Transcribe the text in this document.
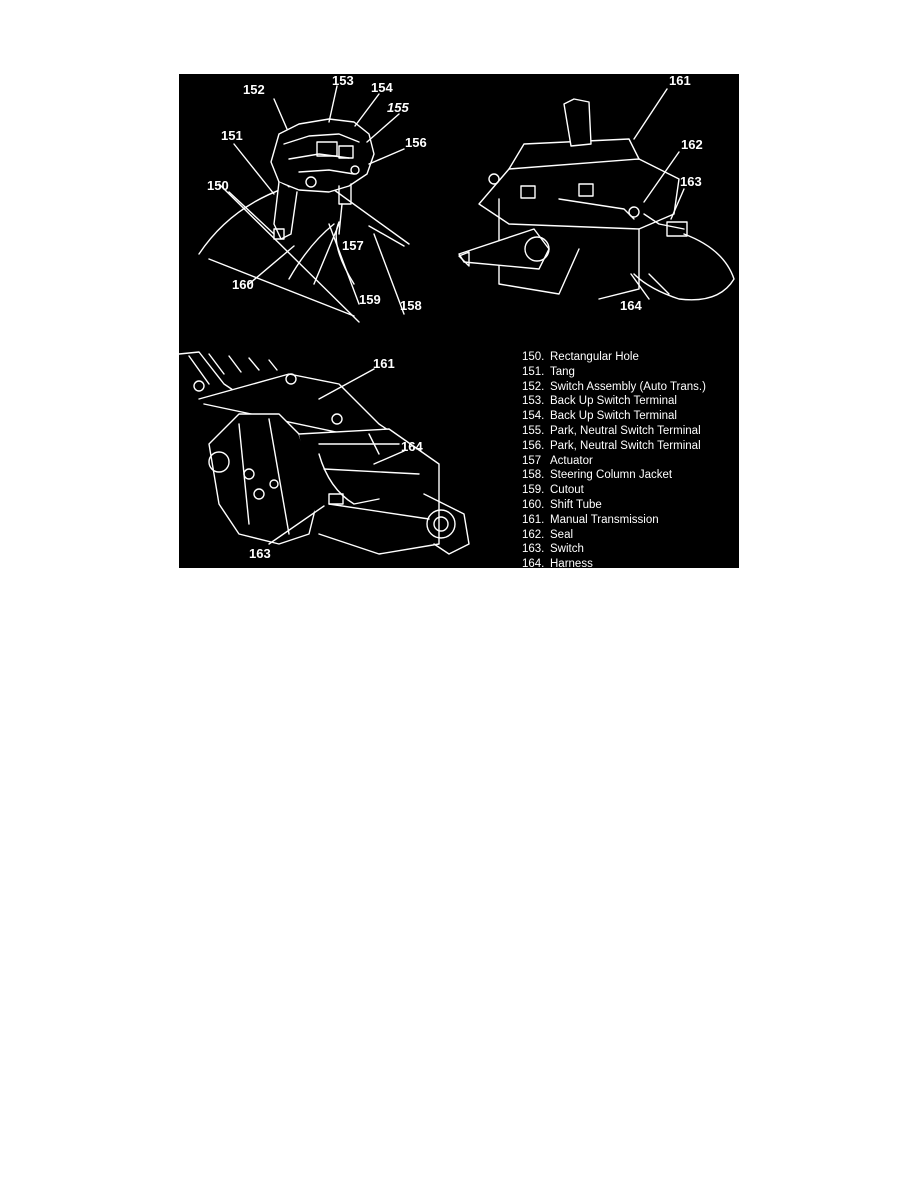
152
153 154
155
156
151
150
157
160
159 158
161
162
163
164
161
164
163
150. Rectangular Hole
151. Tang
152. Switch Assembly (Auto Trans.)
153. Back Up Switch Terminal
154. Back Up Switch Terminal
155. Park, Neutral Switch Terminal
156. Park, Neutral Switch Terminal
157 Actuator
158. Steering Column Jacket
159. Cutout
160. Shift Tube
161. Manual Transmission
162. Seal
163. Switch
164. Harness
